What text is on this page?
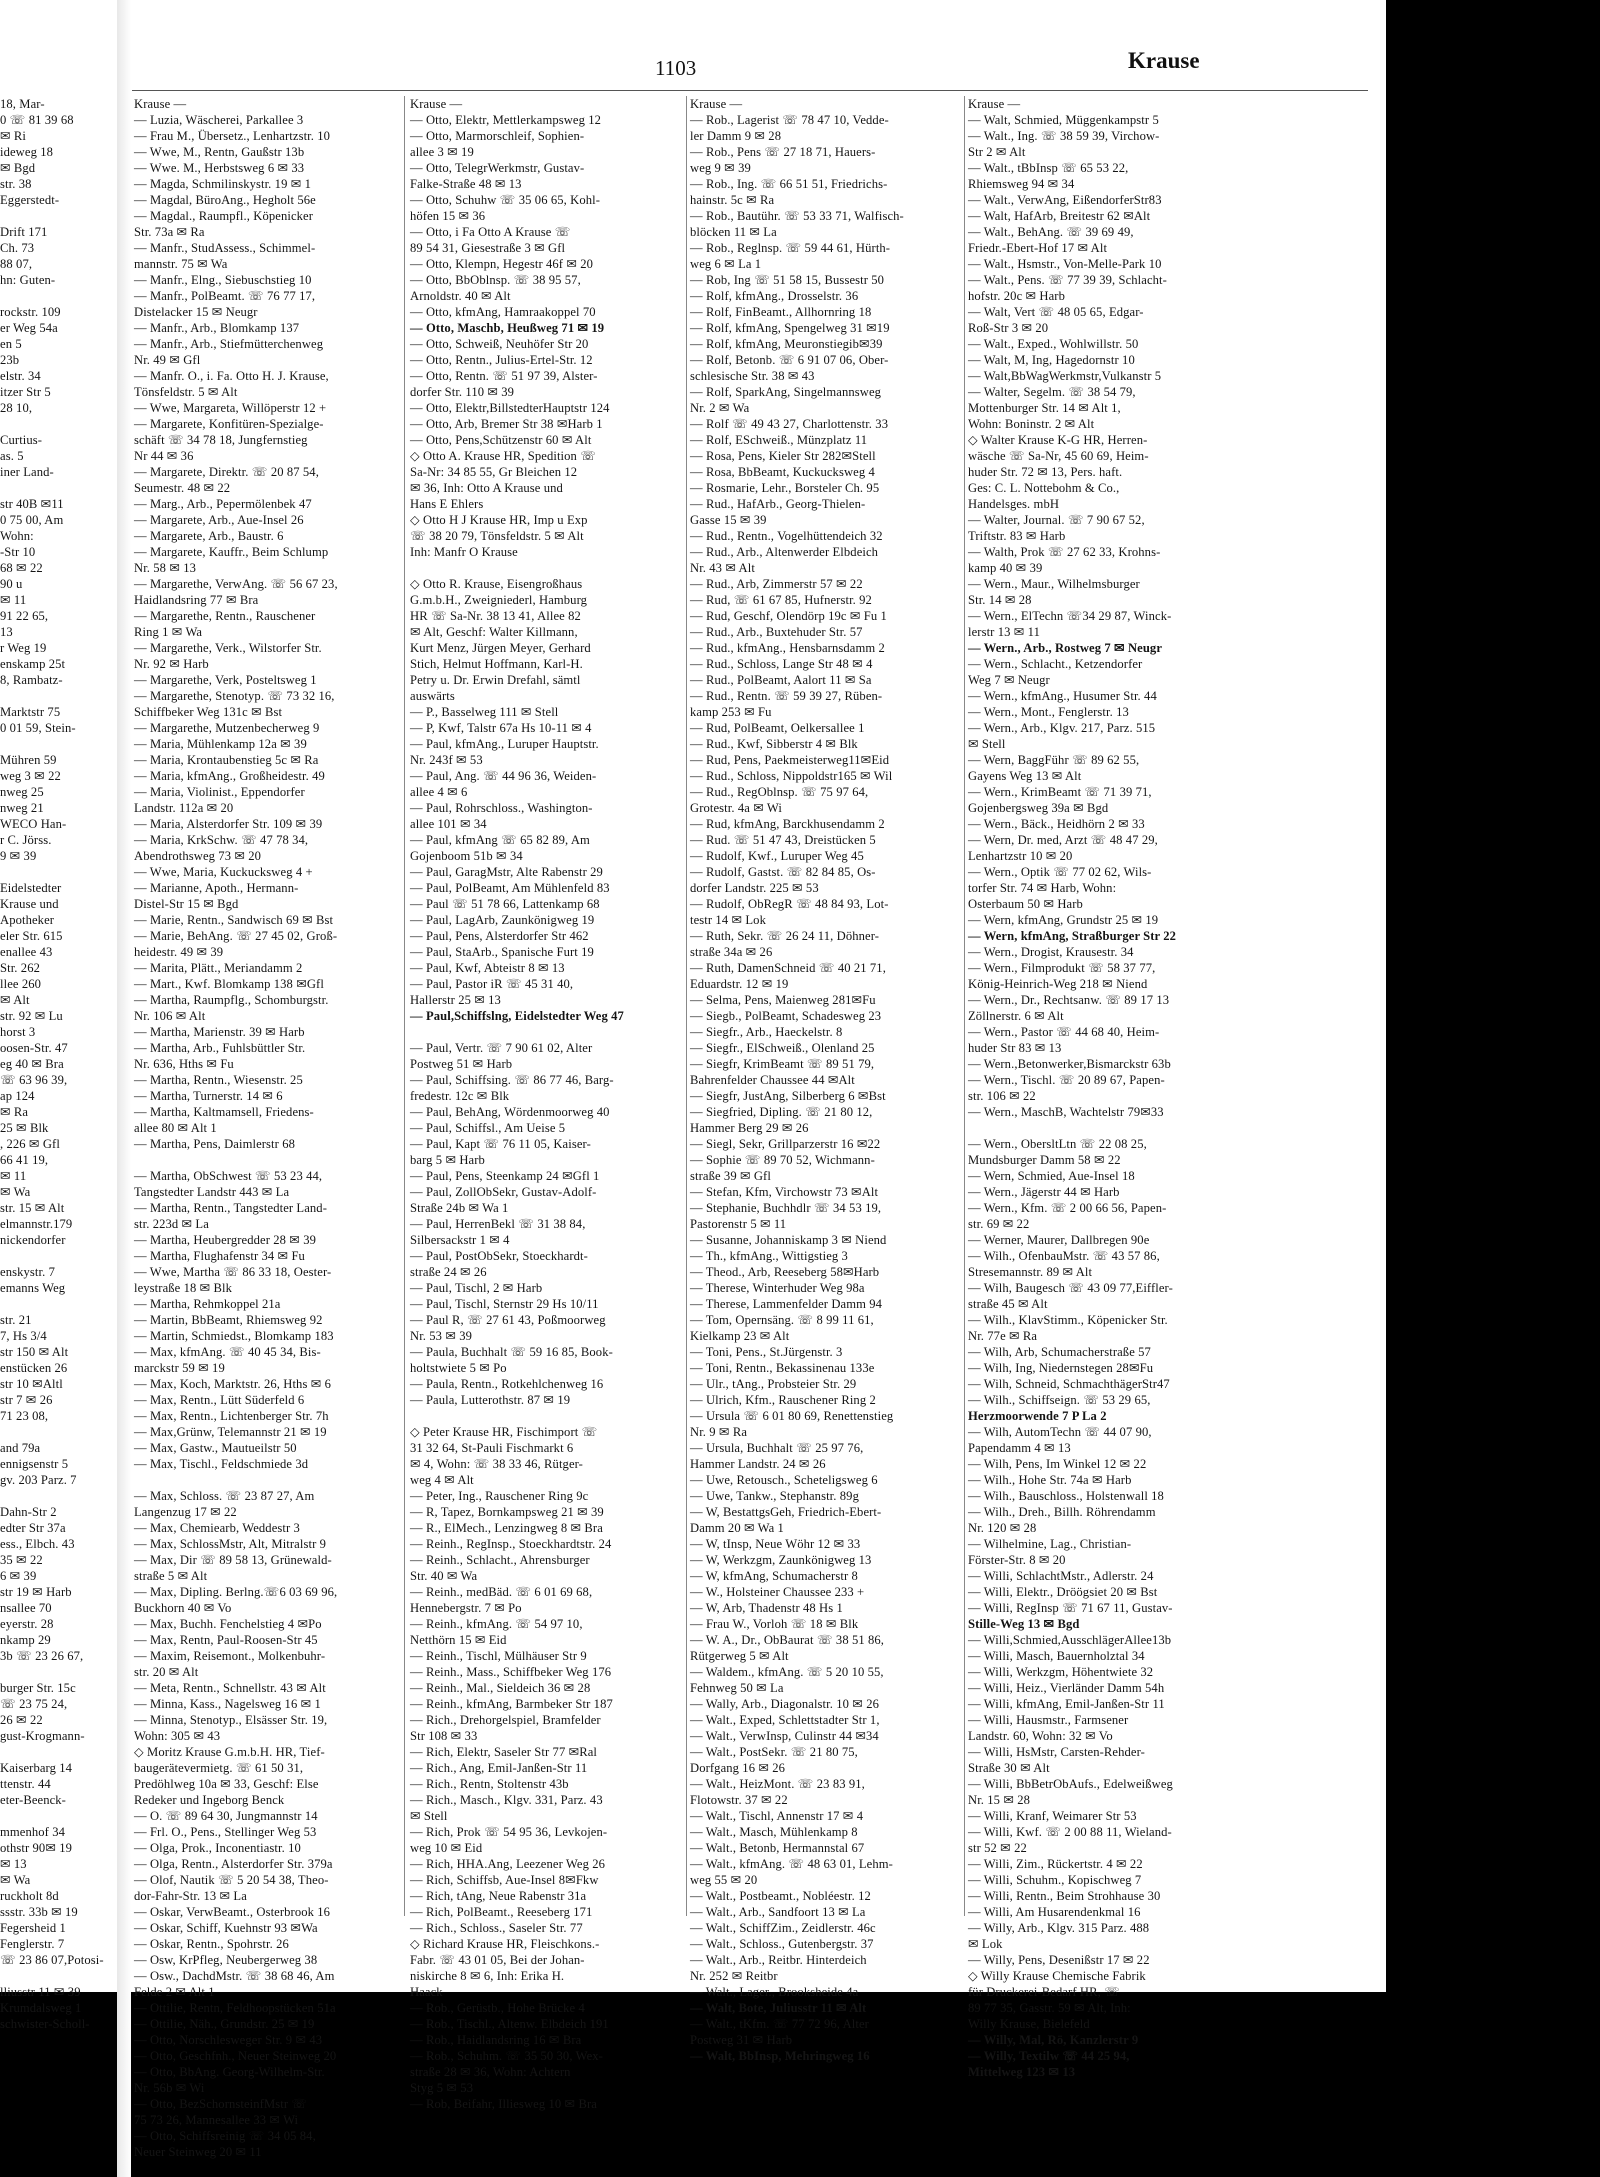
1103	Krause
18, Mar-
0 ☏ 81 39 68
✉ Ri
ideweg 18
✉ Bgd
str. 38
Eggerstedt-

Drift 171
Ch. 73
88 07,
hn: Guten-

rockstr. 109
er Weg 54a
en 5
23b
elstr. 34
itzer Str 5
28 10,

Curtius-
as. 5
iner Land-

str 40B ✉11
0 75 00, Am
Wohn:
-Str 10
68 ✉ 22
90 u
✉ 11
91 22 65,
13
r Weg 19
enskamp 25t
8, Rambatz-

Marktstr 75
0 01 59, Stein-

Mühren 59
weg 3 ✉ 22
nweg 25
nweg 21
WECO Han-
r C. Jörss.
9 ✉ 39

Eidelstedter
Krause und
Apotheker
eler Str. 615
enallee 43
Str. 262
llee 260
✉ Alt
str. 92 ✉ Lu
horst 3
oosen-Str. 47
eg 40 ✉ Bra
☏ 63 96 39,
ap 124
✉ Ra
25 ✉ Blk
, 226 ✉ Gfl
66 41 19,
✉ 11
✉ Wa
str. 15 ✉ Alt
elmannstr.179
nickendorfer

enskystr. 7
emanns Weg

str. 21
7, Hs 3/4
str 150 ✉ Alt
enstücken 26
str 10 ✉Altl
str 7 ✉ 26
71 23 08,

and 79a
ennigsenstr 5
gv. 203 Parz. 7

Dahn-Str 2
edter Str 37a
ess., Elbch. 43
35 ✉ 22
6 ✉ 39
str 19 ✉ Harb
nsallee 70
eyerstr. 28
nkamp 29
3b ☏ 23 26 67,

burger Str. 15c
☏ 23 75 24,
26 ✉ 22
gust-Krogmann-

Kaiserbarg 14
ttenstr. 44
eter-Beenck-

mmenhof 34
othstr 90✉ 19
✉ 13
✉ Wa
ruckholt 8d
ssstr. 33b ✉ 19
Fegersheid 1
Fenglerstr. 7
☏ 23 86 07,Potosi-

lliusstr 11 ✉ 39
Krumdalsweg 1
schwister-Scholl-
Krause —
— Luzia, Wäscherei, Parkallee 3
— Frau M., Übersetz., Lenhartzstr. 10
— Wwe, M., Rentn, Gaußstr 13b
— Wwe. M., Herbstsweg 6 ✉ 33
— Magda, Schmilinskystr. 19 ✉ 1
— Magdal, BüroAng., Hegholt 56e
— Magdal., Raumpfl., Köpenicker
Str. 73a ✉ Ra
— Manfr., StudAssess., Schimmel-
mannstr. 75 ✉ Wa
— Manfr., Elng., Siebuschstieg 10
— Manfr., PolBeamt. ☏ 76 77 17,
Distelacker 15 ✉ Neugr
— Manfr., Arb., Blomkamp 137
— Manfr., Arb., Stiefmütterchenweg
Nr. 49 ✉ Gfl
— Manfr. O., i. Fa. Otto H. J. Krause,
Tönsfeldstr. 5 ✉ Alt
— Wwe, Margareta, Willöperstr 12 +
— Margarete, Konfitüren-Spezialge-
schäft ☏ 34 78 18, Jungfernstieg
Nr 44 ✉ 36
— Margarete, Direktr. ☏ 20 87 54,
Seumestr. 48 ✉ 22
— Marg., Arb., Pepermölenbek 47
— Margarete, Arb., Aue-Insel 26
— Margarete, Arb., Baustr. 6
— Margarete, Kauffr., Beim Schlump
Nr. 58 ✉ 13
— Margarethe, VerwAng. ☏ 56 67 23,
Haidlandsring 77 ✉ Bra
— Margarethe, Rentn., Rauschener
Ring 1 ✉ Wa
— Margarethe, Verk., Wilstorfer Str.
Nr. 92 ✉ Harb
— Margarethe, Verk, Posteltsweg 1
— Margarethe, Stenotyp. ☏ 73 32 16,
Schiffbeker Weg 131c ✉ Bst
— Margarethe, Mutzenbecherweg 9
— Maria, Mühlenkamp 12a ✉ 39
— Maria, Krontaubenstieg 5c ✉ Ra
— Maria, kfmAng., Großheidestr. 49
— Maria, Violinist., Eppendorfer
Landstr. 112a ✉ 20
— Maria, Alsterdorfer Str. 109 ✉ 39
— Maria, KrkSchw. ☏ 47 78 34,
Abendrothsweg 73 ✉ 20
— Wwe, Maria, Kuckucksweg 4 +
— Marianne, Apoth., Hermann-
Distel-Str 15 ✉ Bgd
— Marie, Rentn., Sandwisch 69 ✉ Bst
— Marie, BehAng. ☏ 27 45 02, Groß-
heidestr. 49 ✉ 39
— Marita, Plätt., Meriandamm 2
— Mart., Kwf. Blomkamp 138 ✉Gfl
— Martha, Raumpflg., Schomburgstr.
Nr. 106 ✉ Alt
— Martha, Marienstr. 39 ✉ Harb
— Martha, Arb., Fuhlsbüttler Str.
Nr. 636, Hths ✉ Fu
— Martha, Rentn., Wiesenstr. 25
— Martha, Turnerstr. 14 ✉ 6
— Martha, Kaltmamsell, Friedens-
allee 80 ✉ Alt 1
— Martha, Pens, Daimlerstr 68

— Martha, ObSchwest ☏ 53 23 44,
Tangstedter Landstr 443 ✉ La
— Martha, Rentn., Tangstedter Land-
str. 223d ✉ La
— Martha, Heubergredder 28 ✉ 39
— Martha, Flughafenstr 34 ✉ Fu
— Wwe, Martha ☏ 86 33 18, Oester-
leystraße 18 ✉ Blk
— Martha, Rehmkoppel 21a
— Martin, BbBeamt, Rhiemsweg 92
— Martin, Schmiedst., Blomkamp 183
— Max, kfmAng. ☏ 40 45 34, Bis-
marckstr 59 ✉ 19
— Max, Koch, Marktstr. 26, Hths ✉ 6
— Max, Rentn., Lütt Süderfeld 6
— Max, Rentn., Lichtenberger Str. 7h
— Max,Grünw, Telemannstr 21 ✉ 19
— Max, Gastw., Mautueilstr 50
— Max, Tischl., Feldschmiede 3d

— Max, Schloss. ☏ 23 87 27, Am
Langenzug 17 ✉ 22
— Max, Chemiearb, Weddestr 3
— Max, SchlossMstr, Alt, Mitralstr 9
— Max, Dir ☏ 89 58 13, Grünewald-
straße 5 ✉ Alt
— Max, Dipling. Berlng.☏6 03 69 96,
Buckhorn 40 ✉ Vo
— Max, Buchh. Fenchelstieg 4 ✉Po
— Max, Rentn, Paul-Roosen-Str 45
— Maxim, Reisemont., Molkenbuhr-
str. 20 ✉ Alt
— Meta, Rentn., Schnellstr. 43 ✉ Alt
— Minna, Kass., Nagelsweg 16 ✉ 1
— Minna, Stenotyp., Elsässer Str. 19,
Wohn: 305 ✉ 43
◇ Moritz Krause G.m.b.H. HR, Tief-
baugerätevermietg. ☏ 61 50 31,
Predöhlweg 10a ✉ 33, Geschf: Else
Redeker und Ingeborg Benck
— O. ☏ 89 64 30, Jungmannstr 14
— Frl. O., Pens., Stellinger Weg 53
— Olga, Prok., Inconentiastr. 10
— Olga, Rentn., Alsterdorfer Str. 379a
— Olof, Nautik ☏ 5 20 54 38, Theo-
dor-Fahr-Str. 13 ✉ La
— Oskar, VerwBeamt., Osterbrook 16
— Oskar, Schiff, Kuehnstr 93 ✉Wa
— Oskar, Rentn., Spohrstr. 26
— Osw, KrPfleg, Neubergerweg 38
— Osw., DachdMstr. ☏ 38 68 46, Am
Felde 2 ✉ Alt 1
— Ottilie, Rentn, Feldhoopstücken 51a
— Ottilie, Näh., Grundstr. 25 ✉ 19
— Otto, Norschlesweger Str. 9 ✉ 43
— Otto, Geschfnh., Neuer Steinweg 20
— Otto, BbAng. Georg-Wilhelm-Str.
Nr. 56b ✉ Wi
— Otto, BezSchornsteinfMstr ☏
75 73 26, Mannesallee 33 ✉ Wi
— Otto, Schiffsreinig ☏ 34 05 84,
Neuer Steinweg 20 ✉ 11
Krause —
— Otto, Elektr, Mettlerkampsweg 12
— Otto, Marmorschleif, Sophien-
allee 3 ✉ 19
— Otto, TelegrWerkmstr, Gustav-
Falke-Straße 48 ✉ 13
— Otto, Schuhw ☏ 35 06 65, Kohl-
höfen 15 ✉ 36
— Otto, i Fa Otto A Krause ☏
89 54 31, Giesestraße 3 ✉ Gfl
— Otto, Klempn, Hegestr 46f ✉ 20
— Otto, BbOblnsp. ☏ 38 95 57,
Arnoldstr. 40 ✉ Alt
— Otto, kfmAng, Hamraakoppel 70
— Otto, Maschb, Heußweg 71 ✉ 19
— Otto, Schweiß, Neuhöfer Str 20
— Otto, Rentn., Julius-Ertel-Str. 12
— Otto, Rentn. ☏ 51 97 39, Alster-
dorfer Str. 110 ✉ 39
— Otto, Elektr,BillstedterHauptstr 124
— Otto, Arb, Bremer Str 38 ✉Harb 1
— Otto, Pens,Schützenstr 60 ✉ Alt
◇ Otto A. Krause HR, Spedition ☏
Sa-Nr: 34 85 55, Gr Bleichen 12
✉ 36, Inh: Otto A Krause und
Hans E Ehlers
◇ Otto H J Krause HR, Imp u Exp
☏ 38 20 79, Tönsfeldstr. 5 ✉ Alt
Inh: Manfr O Krause

◇ Otto R. Krause, Eisengroßhaus
G.m.b.H., Zweigniederl, Hamburg
HR ☏ Sa-Nr. 38 13 41, Allee 82
✉ Alt, Geschf: Walter Killmann,
Kurt Menz, Jürgen Meyer, Gerhard
Stich, Helmut Hoffmann, Karl-H.
Petry u. Dr. Erwin Drefahl, sämtl
auswärts
— P., Basselweg 111 ✉ Stell
— P, Kwf, Talstr 67a Hs 10-11 ✉ 4
— Paul, kfmAng., Luruper Hauptstr.
Nr. 243f ✉ 53
— Paul, Ang. ☏ 44 96 36, Weiden-
allee 4 ✉ 6
— Paul, Rohrschloss., Washington-
allee 101 ✉ 34
— Paul, kfmAng ☏ 65 82 89, Am
Gojenboom 51b ✉ 34
— Paul, GaragMstr, Alte Rabenstr 29
— Paul, PolBeamt, Am Mühlenfeld 83
— Paul ☏ 51 78 66, Lattenkamp 68
— Paul, LagArb, Zaunkönigweg 19
— Paul, Pens, Alsterdorfer Str 462
— Paul, StaArb., Spanische Furt 19
— Paul, Kwf, Abteistr 8 ✉ 13
— Paul, Pastor iR ☏ 45 31 40,
Hallerstr 25 ✉ 13
— Paul,Schiffslng, Eidelstedter Weg 47

— Paul, Vertr. ☏ 7 90 61 02, Alter
Postweg 51 ✉ Harb
— Paul, Schiffsing. ☏ 86 77 46, Barg-
fredestr. 12c ✉ Blk
— Paul, BehAng, Wördenmoorweg 40
— Paul, Schiffsl., Am Ueise 5
— Paul, Kapt ☏ 76 11 05, Kaiser-
barg 5 ✉ Harb
— Paul, Pens, Steenkamp 24 ✉Gfl 1
— Paul, ZollObSekr, Gustav-Adolf-
Straße 24b ✉ Wa 1
— Paul, HerrenBekl ☏ 31 38 84,
Silbersackstr 1 ✉ 4
— Paul, PostObSekr, Stoeckhardt-
straße 24 ✉ 26
— Paul, Tischl, 2 ✉ Harb
— Paul, Tischl, Sternstr 29 Hs 10/11
— Paul R, ☏ 27 61 43, Poßmoorweg
Nr. 53 ✉ 39
— Paula, Buchhalt ☏ 59 16 85, Book-
holtstwiete 5 ✉ Po
— Paula, Rentn., Rotkehlchenweg 16
— Paula, Lutterothstr. 87 ✉ 19

◇ Peter Krause HR, Fischimport ☏
31 32 64, St-Pauli Fischmarkt 6
✉ 4, Wohn: ☏ 38 33 46, Rütger-
weg 4 ✉ Alt
— Peter, Ing., Rauschener Ring 9c
— R, Tapez, Bornkampsweg 21 ✉ 39
— R., ElMech., Lenzingweg 8 ✉ Bra
— Reinh., RegInsp., Stoeckhardtstr. 24
— Reinh., Schlacht., Ahrensburger
Str. 40 ✉ Wa
— Reinh., medBäd. ☏ 6 01 69 68,
Hennebergstr. 7 ✉ Po
— Reinh., kfmAng. ☏ 54 97 10,
Netthörn 15 ✉ Eid
— Reinh., Tischl, Mülhäuser Str 9
— Reinh., Mass., Schiffbeker Weg 176
— Reinh., Mal., Sieldeich 36 ✉ 28
— Reinh., kfmAng, Barmbeker Str 187
— Rich., Drehorgelspiel, Bramfelder
Str 108 ✉ 33
— Rich, Elektr, Saseler Str 77 ✉Ral
— Rich., Ang, Emil-Janßen-Str 11
— Rich., Rentn, Stoltenstr 43b
— Rich., Masch., Klgv. 331, Parz. 43
✉ Stell
— Rich, Prok ☏ 54 95 36, Levkojen-
weg 10 ✉ Eid
— Rich, HHA.Ang, Leezener Weg 26
— Rich, Schiffsb, Aue-Insel 8✉Fkw
— Rich, tAng, Neue Rabenstr 31a
— Rich, PolBeamt., Reeseberg 171
— Rich., Schloss., Saseler Str. 77
◇ Richard Krause HR, Fleischkons.-
Fabr. ☏ 43 01 05, Bei der Johan-
niskirche 8 ✉ 6, Inh: Erika H.
Haack
— Rob., Gerüstb., Hohe Brücke 4
— Rob., Tischl., Altenw. Elbdeich 191
— Rob., Haidlandsring 16 ✉ Bra
— Rob., Schuhm. ☏ 35 50 30, Wex-
straße 28 ✉ 36, Wohn: Achtern
Styg 5 ✉ 53
— Rob, Beifahr, Illiesweg 10 ✉ Bra
Krause —
— Rob., Lagerist ☏ 78 47 10, Vedde-
ler Damm 9 ✉ 28
— Rob., Pens ☏ 27 18 71, Hauers-
weg 9 ✉ 39
— Rob., Ing. ☏ 66 51 51, Friedrichs-
hainstr. 5c ✉ Ra
— Rob., Bautühr. ☏ 53 33 71, Walfisch-
blöcken 11 ✉ La
— Rob., Reglnsp. ☏ 59 44 61, Hürth-
weg 6 ✉ La 1
— Rob, Ing ☏ 51 58 15, Bussestr 50
— Rolf, kfmAng., Drosselstr. 36
— Rolf, FinBeamt., Allhornring 18
— Rolf, kfmAng, Spengelweg 31 ✉19
— Rolf, kfmAng, Meuronstiegib✉39
— Rolf, Betonb. ☏ 6 91 07 06, Ober-
schlesische Str. 38 ✉ 43
— Rolf, SparkAng, Singelmannsweg
Nr. 2 ✉ Wa
— Rolf ☏ 49 43 27, Charlottenstr. 33
— Rolf, ESchweiß., Münzplatz 11
— Rosa, Pens, Kieler Str 282✉Stell
— Rosa, BbBeamt, Kuckucksweg 4
— Rosmarie, Lehr., Borsteler Ch. 95
— Rud., HafArb., Georg-Thielen-
Gasse 15 ✉ 39
— Rud., Rentn., Vogelhüttendeich 32
— Rud., Arb., Altenwerder Elbdeich
Nr. 43 ✉ Alt
— Rud., Arb, Zimmerstr 57 ✉ 22
— Rud, ☏ 61 67 85, Hufnerstr. 92
— Rud, Geschf, Olendörp 19c ✉ Fu 1
— Rud., Arb., Buxtehuder Str. 57
— Rud., kfmAng., Hensbarnsdamm 2
— Rud., Schloss, Lange Str 48 ✉ 4
— Rud., PolBeamt, Aalort 11 ✉ Sa
— Rud., Rentn. ☏ 59 39 27, Rüben-
kamp 253 ✉ Fu
— Rud, PolBeamt, Oelkersallee 1
— Rud., Kwf, Sibberstr 4 ✉ Blk
— Rud, Pens, Paekmeisterweg11✉Eid
— Rud., Schloss, Nippoldstr165 ✉ Wil
— Rud., RegOblnsp. ☏ 75 97 64,
Grotestr. 4a ✉ Wi
— Rud, kfmAng, Barckhusendamm 2
— Rud. ☏ 51 47 43, Dreistücken 5
— Rudolf, Kwf., Luruper Weg 45
— Rudolf, Gastst. ☏ 82 84 85, Os-
dorfer Landstr. 225 ✉ 53
— Rudolf, ObRegR ☏ 48 84 93, Lot-
testr 14 ✉ Lok
— Ruth, Sekr. ☏ 26 24 11, Döhner-
straße 34a ✉ 26
— Ruth, DamenSchneid ☏ 40 21 71,
Eduardstr. 12 ✉ 19
— Selma, Pens, Maienweg 281✉Fu
— Siegb., PolBeamt, Schadesweg 23
— Siegfr., Arb., Haeckelstr. 8
— Siegfr., ElSchweiß., Olenland 25
— Siegfr, KrimBeamt ☏ 89 51 79,
Bahrenfelder Chaussee 44 ✉Alt
— Siegfr, JustAng, Silberberg 6 ✉Bst
— Siegfried, Dipling. ☏ 21 80 12,
Hammer Berg 29 ✉ 26
— Siegl, Sekr, Grillparzerstr 16 ✉22
— Sophie ☏ 89 70 52, Wichmann-
straße 39 ✉ Gfl
— Stefan, Kfm, Virchowstr 73 ✉Alt
— Stephanie, Buchhdlr ☏ 34 53 19,
Pastorenstr 5 ✉ 11
— Susanne, Johanniskamp 3 ✉ Niend
— Th., kfmAng., Wittigstieg 3
— Theod., Arb, Reeseberg 58✉Harb
— Therese, Winterhuder Weg 98a
— Therese, Lammenfelder Damm 94
— Tom, Opernsäng. ☏ 8 99 11 61,
Kielkamp 23 ✉ Alt
— Toni, Pens., St.Jürgenstr. 3
— Toni, Rentn., Bekassinenau 133e
— Ulr., tAng., Probsteier Str. 29
— Ulrich, Kfm., Rauschener Ring 2
— Ursula ☏ 6 01 80 69, Renettenstieg
Nr. 9 ✉ Ra
— Ursula, Buchhalt ☏ 25 97 76,
Hammer Landstr. 24 ✉ 26
— Uwe, Retousch., Scheteligsweg 6
— Uwe, Tankw., Stephanstr. 89g
— W, BestattgsGeh, Friedrich-Ebert-
Damm 20 ✉ Wa 1
— W, tInsp, Neue Wöhr 12 ✉ 33
— W, Werkzgm, Zaunkönigweg 13
— W, kfmAng, Schumacherstr 8
— W., Holsteiner Chaussee 233 +
— W, Arb, Thadenstr 48 Hs 1
— Frau W., Vorloh ☏ 18 ✉ Blk
— W. A., Dr., ObBaurat ☏ 38 51 86,
Rütgerweg 5 ✉ Alt
— Waldem., kfmAng. ☏ 5 20 10 55,
Fehnweg 50 ✉ La
— Wally, Arb., Diagonalstr. 10 ✉ 26
— Walt., Exped, Schlettstadter Str 1,
— Walt., VerwInsp, Culinstr 44 ✉34
— Walt., PostSekr. ☏ 21 80 75,
Dorfgang 16 ✉ 26
— Walt., HeizMont. ☏ 23 83 91,
Flotowstr. 37 ✉ 22
— Walt., Tischl, Annenstr 17 ✉ 4
— Walt., Masch, Mühlenkamp 8
— Walt., Betonb, Hermannstal 67
— Walt., kfmAng. ☏ 48 63 01, Lehm-
weg 55 ✉ 20
— Walt., Postbeamt., Nobléestr. 12
— Walt., Arb., Sandfoort 13 ✉ La
— Walt., SchiffZim., Zeidlerstr. 46c
— Walt., Schloss., Gutenbergstr. 37
— Walt., Arb., Reitbr. Hinterdeich
Nr. 252 ✉ Reitbr
— Walt., Lager., Brooksheide 4a
— Walt, Bote, Juliusstr 11 ✉ Alt
— Walt., tKfm. ☏ 77 72 96, Alter
Postweg 31 ✉ Harb
— Walt, BbInsp, Mehringweg 16
Krause —
— Walt, Schmied, Müggenkampstr 5
— Walt., Ing. ☏ 38 59 39, Virchow-
Str 2 ✉ Alt
— Walt., tBbInsp ☏ 65 53 22,
Rhiemsweg 94 ✉ 34
— Walt., VerwAng, EißendorferStr83
— Walt, HafArb, Breitestr 62 ✉Alt
— Walt., BehAng. ☏ 39 69 49,
Friedr.-Ebert-Hof 17 ✉ Alt
— Walt., Hsmstr., Von-Melle-Park 10
— Walt., Pens. ☏ 77 39 39, Schlacht-
hofstr. 20c ✉ Harb
— Walt, Vert ☏ 48 05 65, Edgar-
Roß-Str 3 ✉ 20
— Walt., Exped., Wohlwillstr. 50
— Walt, M, Ing, Hagedornstr 10
— Walt,BbWagWerkmstr,Vulkanstr 5
— Walter, Segelm. ☏ 38 54 79,
Mottenburger Str. 14 ✉ Alt 1,
Wohn: Boninstr. 2 ✉ Alt
◇ Walter Krause K-G HR, Herren-
wäsche ☏ Sa-Nr, 45 60 69, Heim-
huder Str. 72 ✉ 13, Pers. haft.
Ges: C. L. Nottebohm & Co.,
Handelsges. mbH
— Walter, Journal. ☏ 7 90 67 52,
Triftstr. 83 ✉ Harb
— Walth, Prok ☏ 27 62 33, Krohns-
kamp 40 ✉ 39
— Wern., Maur., Wilhelmsburger
Str. 14 ✉ 28
— Wern., ElTechn ☏34 29 87, Winck-
lerstr 13 ✉ 11
— Wern., Arb., Rostweg 7 ✉ Neugr
— Wern., Schlacht., Ketzendorfer
Weg 7 ✉ Neugr
— Wern., kfmAng., Husumer Str. 44
— Wern., Mont., Fenglerstr. 13
— Wern., Arb., Klgv. 217, Parz. 515
✉ Stell
— Wern, BaggFühr ☏ 89 62 55,
Gayens Weg 13 ✉ Alt
— Wern., KrimBeamt ☏ 71 39 71,
Gojenbergsweg 39a ✉ Bgd
— Wern., Bäck., Heidhörn 2 ✉ 33
— Wern, Dr. med, Arzt ☏ 48 47 29,
Lenhartzstr 10 ✉ 20
— Wern., Optik ☏ 77 02 62, Wils-
torfer Str. 74 ✉ Harb, Wohn:
Osterbaum 50 ✉ Harb
— Wern, kfmAng, Grundstr 25 ✉ 19
— Wern, kfmAng, Straßburger Str 22
— Wern., Drogist, Krausestr. 34
— Wern., Filmprodukt ☏ 58 37 77,
König-Heinrich-Weg 218 ✉ Niend
— Wern., Dr., Rechtsanw. ☏ 89 17 13
Zöllnerstr. 6 ✉ Alt
— Wern., Pastor ☏ 44 68 40, Heim-
huder Str 83 ✉ 13
— Wern.,Betonwerker,Bismarckstr 63b
— Wern., Tischl. ☏ 20 89 67, Papen-
str. 106 ✉ 22
— Wern., MaschB, Wachtelstr 79✉33

— Wern., ObersltLtn ☏ 22 08 25,
Mundsburger Damm 58 ✉ 22
— Wern, Schmied, Aue-Insel 18
— Wern., Jägerstr 44 ✉ Harb
— Wern., Kfm. ☏ 2 00 66 56, Papen-
str. 69 ✉ 22
— Werner, Maurer, Dallbregen 90e
— Wilh., OfenbauMstr. ☏ 43 57 86,
Stresemannstr. 89 ✉ Alt
— Wilh, Baugesch ☏ 43 09 77,Eiffler-
straße 45 ✉ Alt
— Wilh., KlavStimm., Köpenicker Str.
Nr. 77e ✉ Ra
— Wilh, Arb, Schumacherstraße 57
— Wilh, Ing, Niedernstegen 28✉Fu
— Wilh, Schneid, SchmachthägerStr47
— Wilh., Schiffseign. ☏ 53 29 65,
Herzmoorwende 7 P La 2
— Wilh, AutomTechn ☏ 44 07 90,
Papendamm 4 ✉ 13
— Wilh, Pens, Im Winkel 12 ✉ 22
— Wilh., Hohe Str. 74a ✉ Harb
— Wilh., Bauschloss., Holstenwall 18
— Wilh., Dreh., Billh. Röhrendamm
Nr. 120 ✉ 28
— Wilhelmine, Lag., Christian-
Förster-Str. 8 ✉ 20
— Willi, SchlachtMstr., Adlerstr. 24
— Willi, Elektr., Dröögsiet 20 ✉ Bst
— Willi, RegInsp ☏ 71 67 11, Gustav-
Stille-Weg 13 ✉ Bgd
— Willi,Schmied,AusschlägerAllee13b
— Willi, Masch, Bauernholztal 34
— Willi, Werkzgm, Höhentwiete 32
— Willi, Heiz., Vierländer Damm 54h
— Willi, kfmAng, Emil-Janßen-Str 11
— Willi, Hausmstr., Farmsener
Landstr. 60, Wohn: 32 ✉ Vo
— Willi, HsMstr, Carsten-Rehder-
Straße 30 ✉ Alt
— Willi, BbBetrObAufs., Edelweißweg
Nr. 15 ✉ 28
— Willi, Kranf, Weimarer Str 53
— Willi, Kwf. ☏ 2 00 88 11, Wieland-
str 52 ✉ 22
— Willi, Zim., Rückertstr. 4 ✉ 22
— Willi, Schuhm., Kopischweg 7
— Willi, Rentn., Beim Strohhause 30
— Willi, Am Husarendenkmal 16
— Willy, Arb., Klgv. 315 Parz. 488
✉ Lok
— Willy, Pens, Desenißstr 17 ✉ 22
◇ Willy Krause Chemische Fabrik
für Druckerei-Bedarf HR, ☏
89 77 35, Gasstr. 59 ✉ Alt, Inh:
Willy Krause, Bielefeld
— Willy, Mal, Rö, Kanzlerstr 9
— Willy, Textilw ☏ 44 25 94,
Mittelweg 123 ✉ 13
